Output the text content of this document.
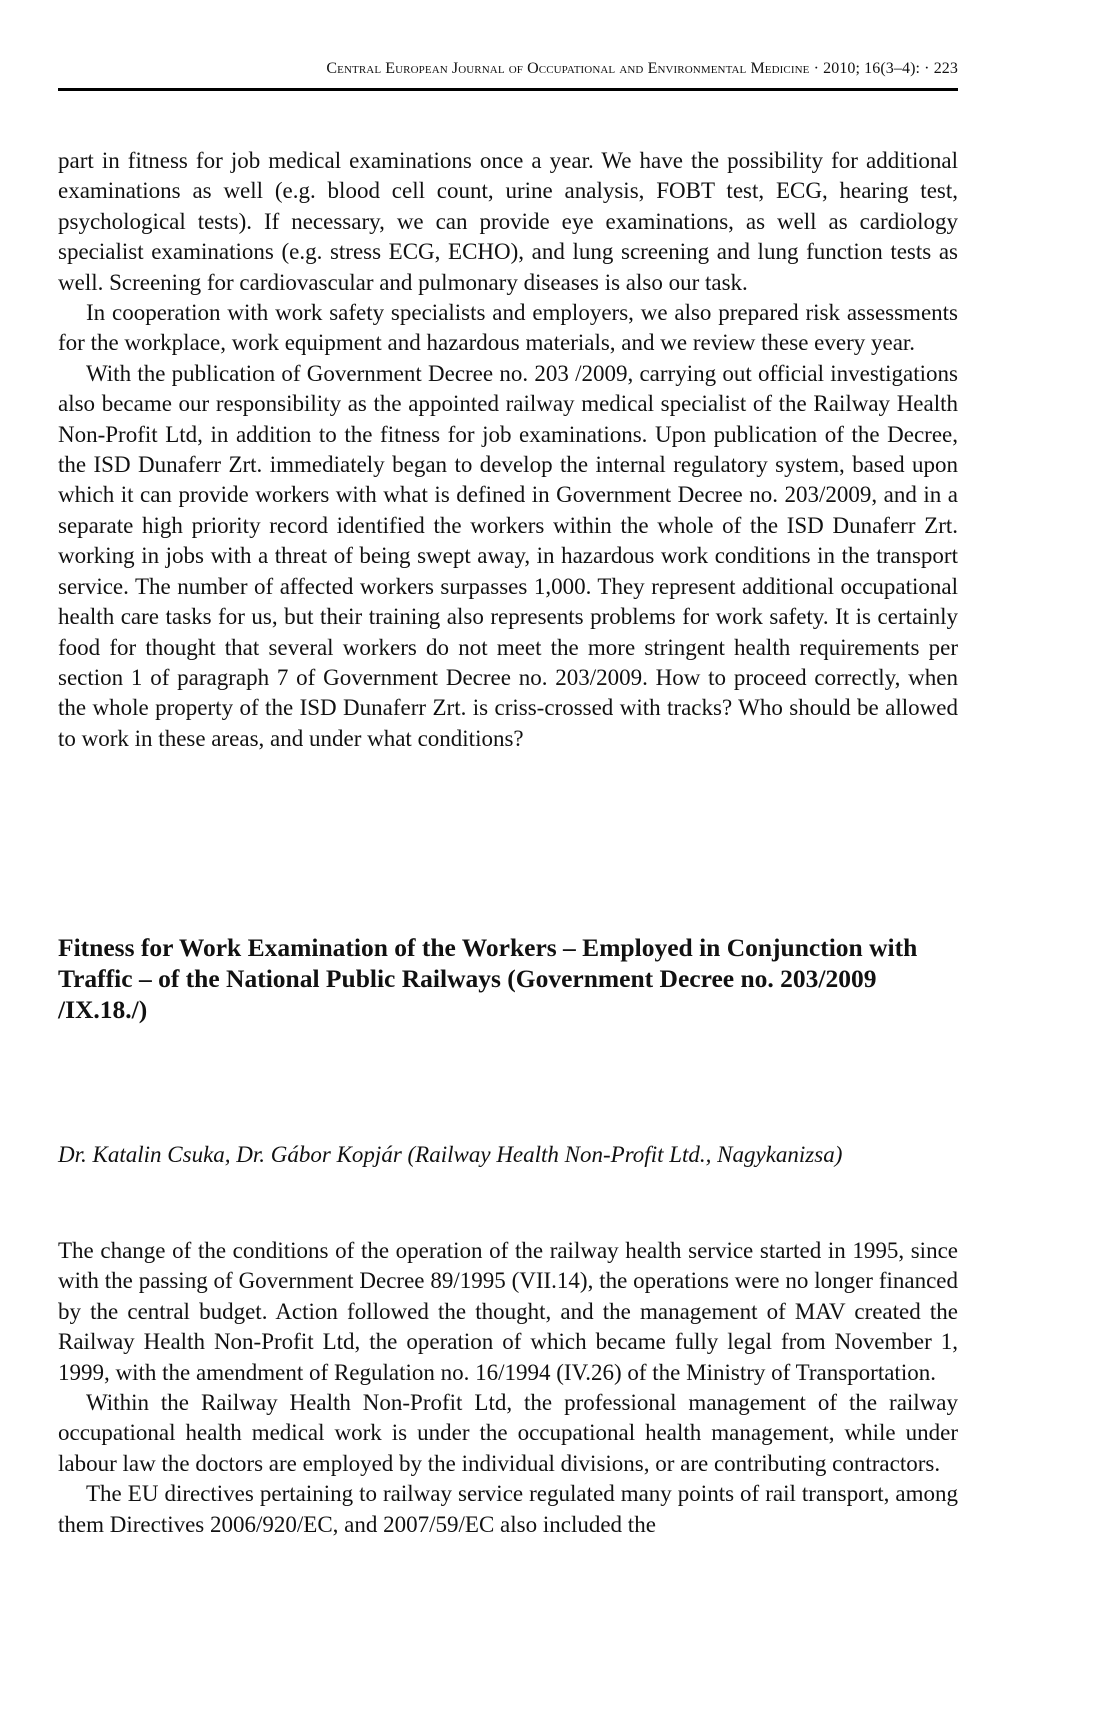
Central European Journal of Occupational and Environmental Medicine · 2010; 16(3–4): · 223

part in fitness for job medical examinations once a year. We have the possibility for additional examinations as well (e.g. blood cell count, urine analysis, FOBT test, ECG, hearing test, psychological tests). If necessary, we can provide eye examinations, as well as cardiology specialist examinations (e.g. stress ECG, ECHO), and lung screening and lung function tests as well. Screening for cardiovascular and pulmonary diseases is also our task.

In cooperation with work safety specialists and employers, we also prepared risk assessments for the workplace, work equipment and hazardous materials, and we review these every year.

With the publication of Government Decree no. 203 /2009, carrying out official investigations also became our responsibility as the appointed railway medical specialist of the Railway Health Non-Profit Ltd, in addition to the fitness for job examinations. Upon publication of the Decree, the ISD Dunaferr Zrt. immediately began to develop the internal regulatory system, based upon which it can provide workers with what is defined in Government Decree no. 203/2009, and in a separate high priority record identified the workers within the whole of the ISD Dunaferr Zrt. working in jobs with a threat of being swept away, in hazardous work conditions in the transport service. The number of affected workers surpasses 1,000. They represent additional occupational health care tasks for us, but their training also represents problems for work safety. It is certainly food for thought that several workers do not meet the more stringent health requirements per section 1 of paragraph 7 of Government Decree no. 203/2009. How to proceed correctly, when the whole property of the ISD Dunaferr Zrt. is criss-crossed with tracks? Who should be allowed to work in these areas, and under what conditions?

Fitness for Work Examination of the Workers – Employed in Conjunction with Traffic – of the National Public Railways (Government Decree no. 203/2009 /IX.18./)

Dr. Katalin Csuka, Dr. Gábor Kopjár (Railway Health Non-Profit Ltd., Nagykanizsa)

The change of the conditions of the operation of the railway health service started in 1995, since with the passing of Government Decree 89/1995 (VII.14), the operations were no longer financed by the central budget. Action followed the thought, and the management of MAV created the Railway Health Non-Profit Ltd, the operation of which became fully legal from November 1, 1999, with the amendment of Regulation no. 16/1994 (IV.26) of the Ministry of Transportation.

Within the Railway Health Non-Profit Ltd, the professional management of the railway occupational health medical work is under the occupational health management, while under labour law the doctors are employed by the individual divisions, or are contributing contractors.

The EU directives pertaining to railway service regulated many points of rail transport, among them Directives 2006/920/EC, and 2007/59/EC also included the
